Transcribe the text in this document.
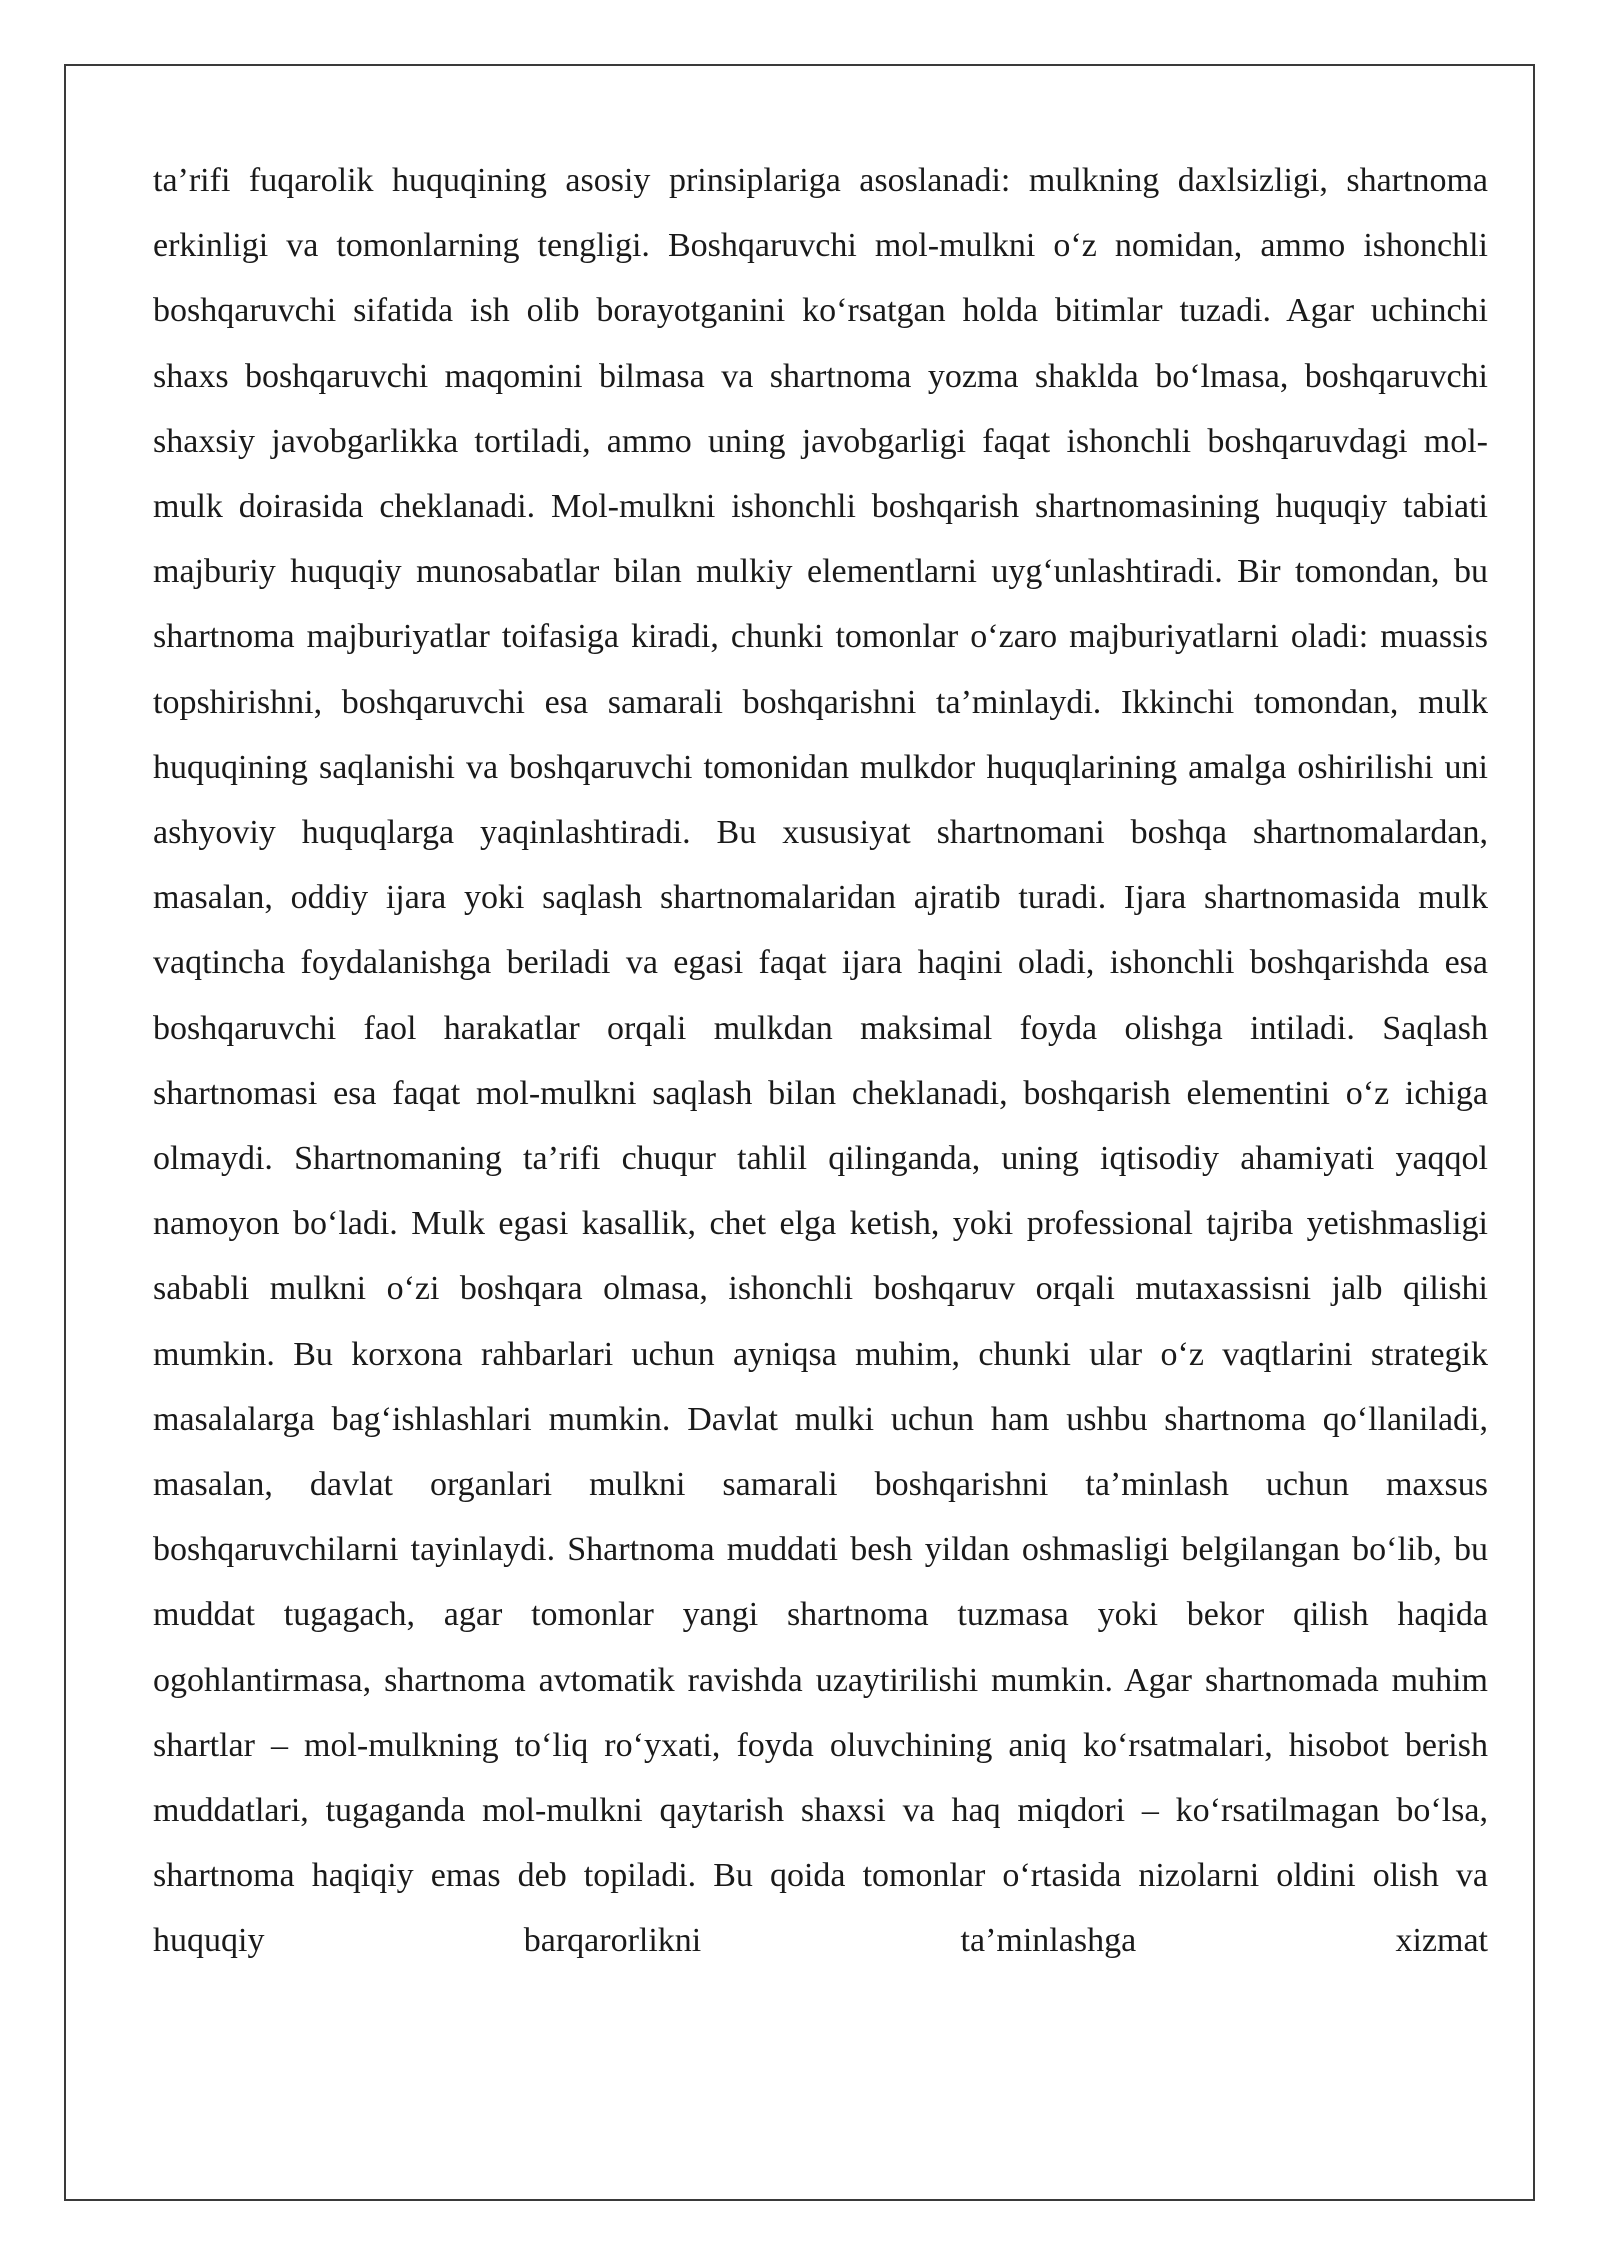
ta’rifi fuqarolik huquqining asosiy prinsiplariga asoslanadi: mulkning daxlsizligi, shartnoma erkinligi va tomonlarning tengligi. Boshqaruvchi mol-mulkni o‘z nomidan, ammo ishonchli boshqaruvchi sifatida ish olib borayotganini ko‘rsatgan holda bitimlar tuzadi. Agar uchinchi shaxs boshqaruvchi maqomini bilmasa va shartnoma yozma shaklda bo‘lmasa, boshqaruvchi shaxsiy javobgarlikka tortiladi, ammo uning javobgarligi faqat ishonchli boshqaruvdagi mol-mulk doirasida cheklanadi. Mol-mulkni ishonchli boshqarish shartnomasining huquqiy tabiati majburiy huquqiy munosabatlar bilan mulkiy elementlarni uyg‘unlashtiradi. Bir tomondan, bu shartnoma majburiyatlar toifasiga kiradi, chunki tomonlar o‘zaro majburiyatlarni oladi: muassis topshirishni, boshqaruvchi esa samarali boshqarishni ta’minlaydi. Ikkinchi tomondan, mulk huquqining saqlanishi va boshqaruvchi tomonidan mulkdor huquqlarining amalga oshirilishi uni ashyoviy huquqlarga yaqinlashtiradi. Bu xususiyat shartnomani boshqa shartnomalardan, masalan, oddiy ijara yoki saqlash shartnomalaridan ajratib turadi. Ijara shartnomasida mulk vaqtincha foydalanishga beriladi va egasi faqat ijara haqini oladi, ishonchli boshqarishda esa boshqaruvchi faol harakatlar orqali mulkdan maksimal foyda olishga intiladi. Saqlash shartnomasi esa faqat mol-mulkni saqlash bilan cheklanadi, boshqarish elementini o‘z ichiga olmaydi. Shartnomaning ta’rifi chuqur tahlil qilinganda, uning iqtisodiy ahamiyati yaqqol namoyon bo‘ladi. Mulk egasi kasallik, chet elga ketish, yoki professional tajriba yetishmasligi sababli mulkni o‘zi boshqara olmasa, ishonchli boshqaruv orqali mutaxassisni jalb qilishi mumkin. Bu korxona rahbarlari uchun ayniqsa muhim, chunki ular o‘z vaqtlarini strategik masalalarga bag‘ishlashlari mumkin. Davlat mulki uchun ham ushbu shartnoma qo‘llaniladi, masalan, davlat organlari mulkni samarali boshqarishni ta’minlash uchun maxsus boshqaruvchilarni tayinlaydi. Shartnoma muddati besh yildan oshmasligi belgilangan bo‘lib, bu muddat tugagach, agar tomonlar yangi shartnoma tuzmasa yoki bekor qilish haqida ogohlantirmasa, shartnoma avtomatik ravishda uzaytirilishi mumkin. Agar shartnomada muhim shartlar – mol-mulkning to‘liq ro‘yxati, foyda oluvchining aniq ko‘rsatmalari, hisobot berish muddatlari, tugaganda mol-mulkni qaytarish shaxsi va haq miqdori – ko‘rsatilmagan bo‘lsa, shartnoma haqiqiy emas deb topiladi. Bu qoida tomonlar o‘rtasida nizolarni oldini olish va huquqiy barqarorlikni ta’minlashga xizmat
